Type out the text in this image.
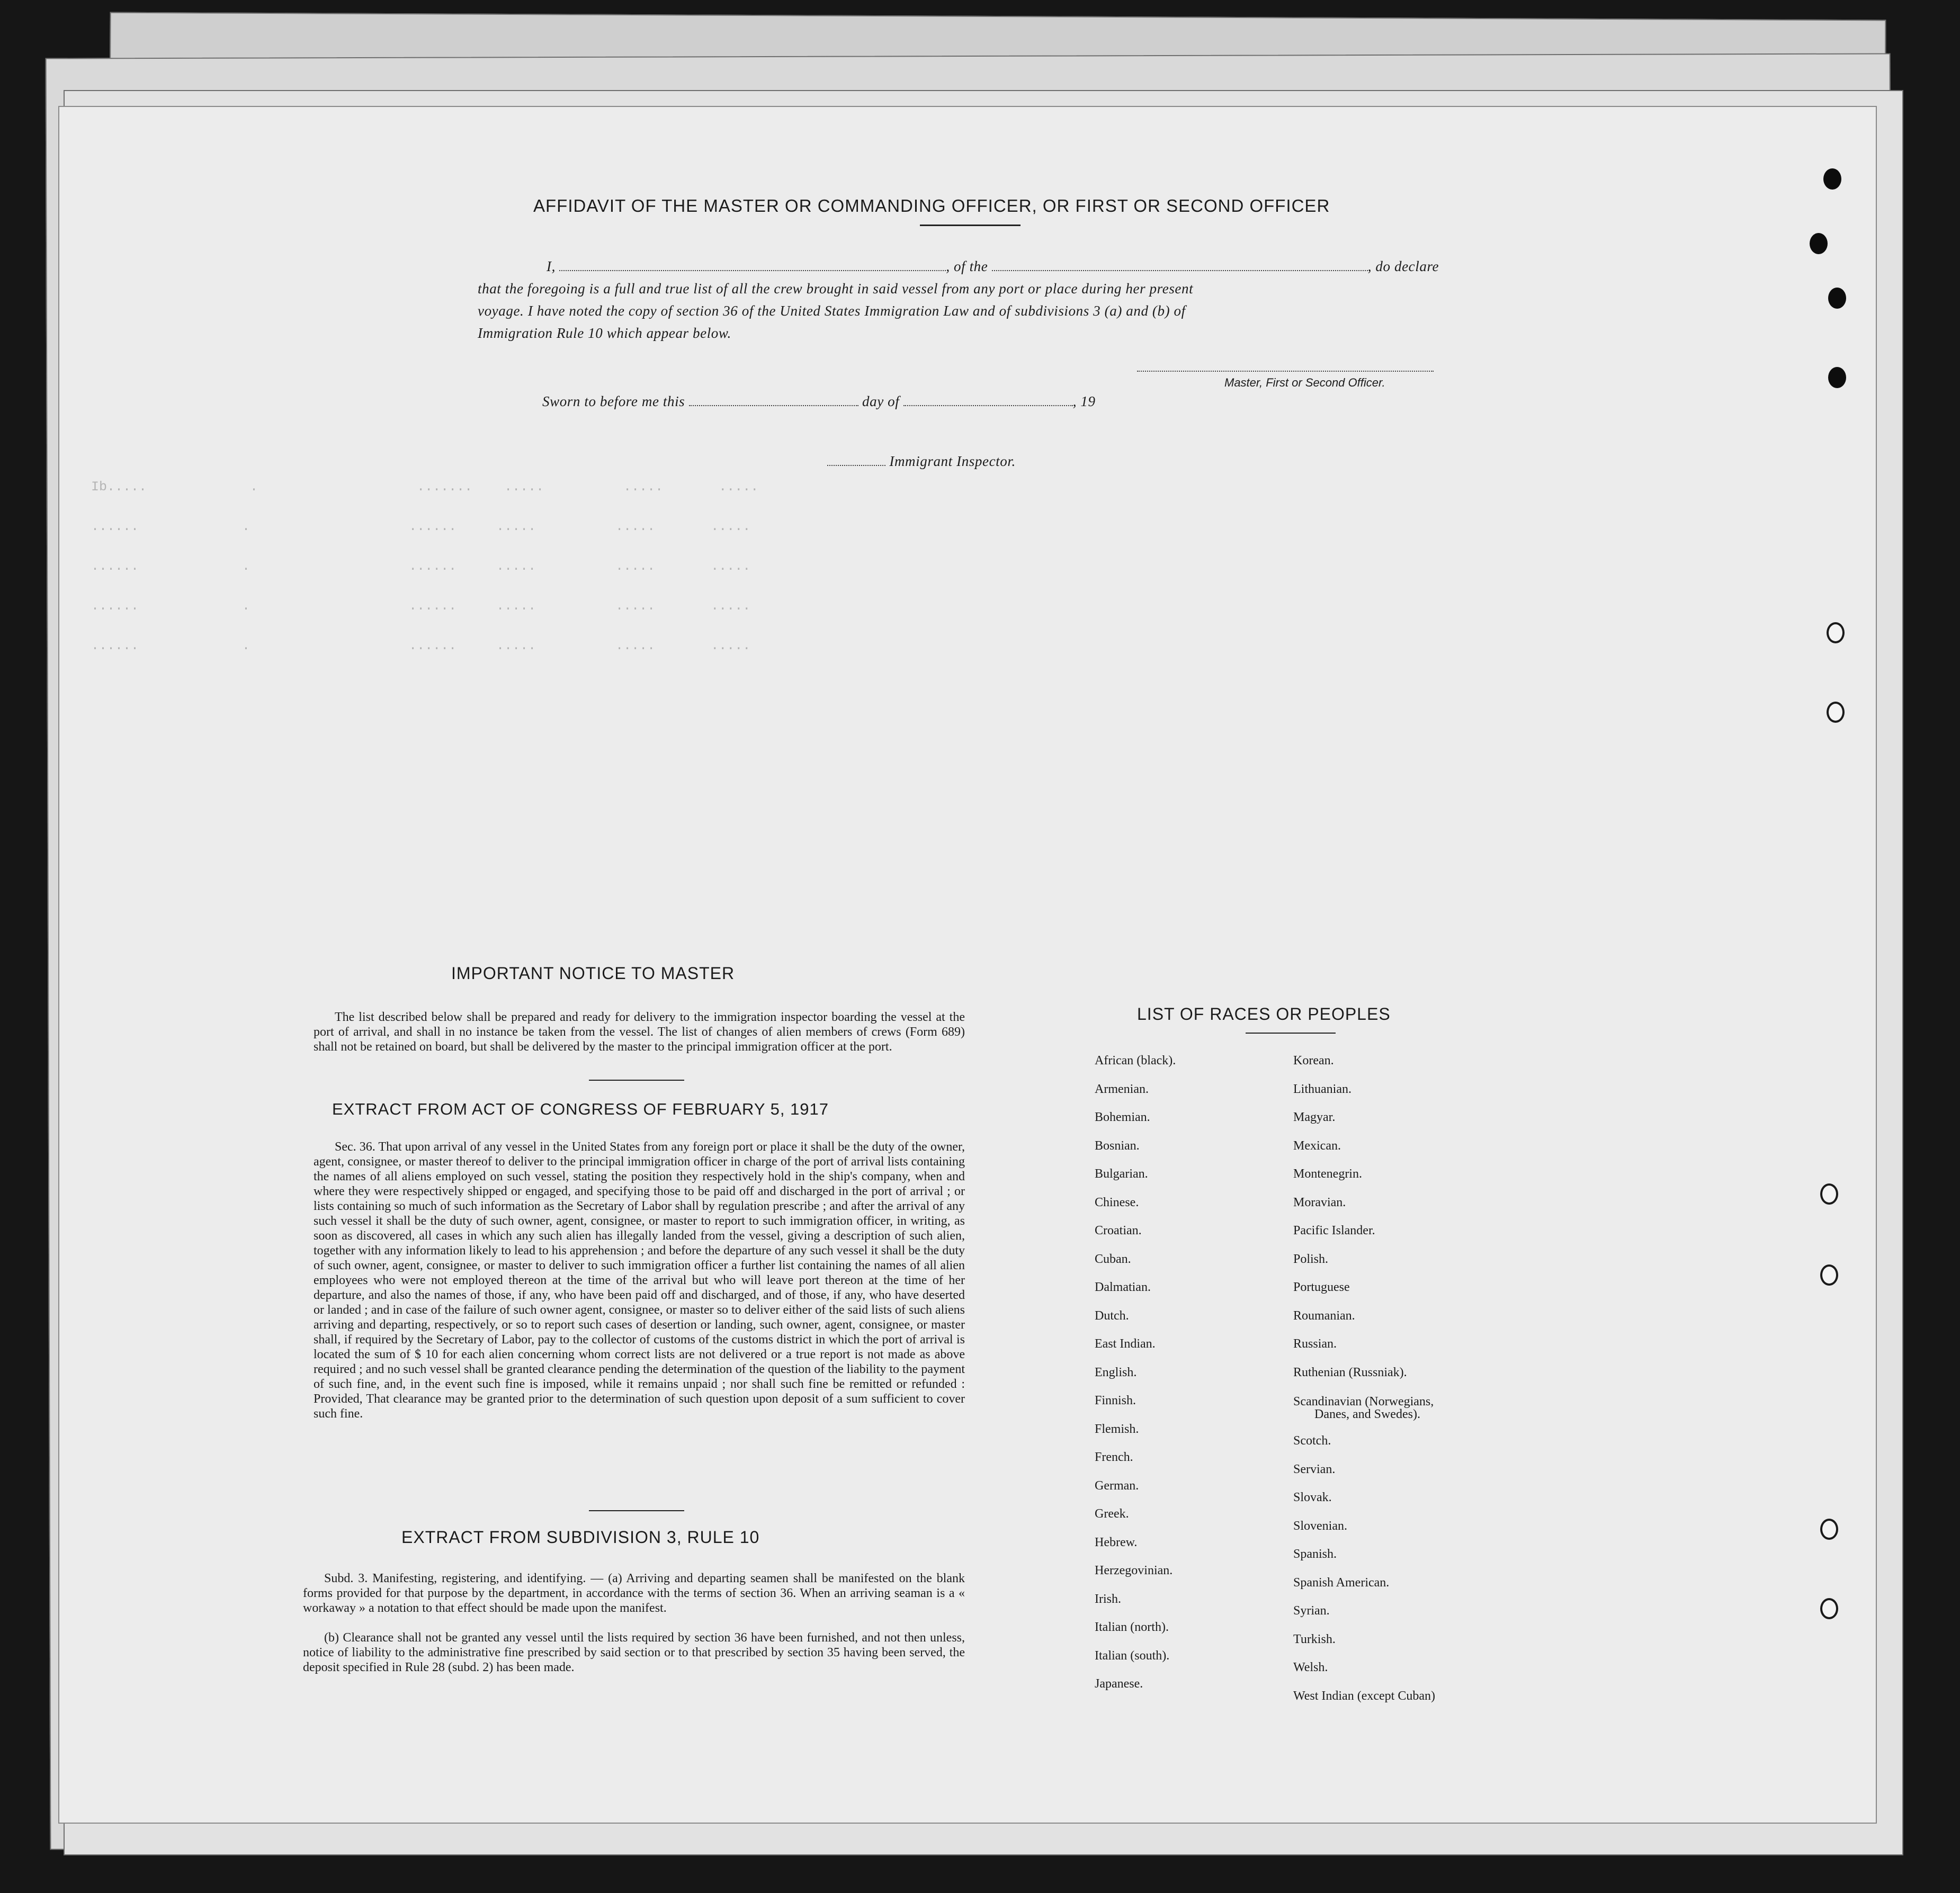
Ib.....             .                    .......    .....          .....       .....
......             .                    ......     .....          .....       .....
......             .                    ......     .....          .....       .....
......             .                    ......     .....          .....       .....
......             .                    ......     .....          .....       .....
AFFIDAVIT OF THE MASTER OR COMMANDING OFFICER, OR FIRST OR SECOND OFFICER
I,	, of the	, do declare
that the foregoing is a full and true list of all the crew brought in said vessel from any port or place during her present
voyage. I have noted the copy of section 36 of the United States Immigration Law and of subdivisions 3 (a) and (b) of
Immigration Rule 10 which appear below.
Master, First or Second Officer.
Sworn to before me this	day of	, 19
Immigrant Inspector.
IMPORTANT NOTICE TO MASTER
The list described below shall be prepared and ready for delivery to the immigration inspector boarding the vessel at the port of arrival, and shall in no instance be taken from the vessel. The list of changes of alien members of crews (Form 689) shall not be retained on board, but shall be delivered by the master to the principal immigration officer at the port.
EXTRACT FROM ACT OF CONGRESS OF FEBRUARY 5, 1917
Sec. 36. That upon arrival of any vessel in the United States from any foreign port or place it shall be the duty of the owner, agent, consignee, or master thereof to deliver to the principal immigration officer in charge of the port of arrival lists containing the names of all aliens employed on such vessel, stating the position they respectively hold in the ship's company, when and where they were respectively shipped or engaged, and specifying those to be paid off and discharged in the port of arrival ; or lists containing so much of such information as the Secretary of Labor shall by regulation prescribe ; and after the arrival of any such vessel it shall be the duty of such owner, agent, consignee, or master to report to such immigration officer, in writing, as soon as discovered, all cases in which any such alien has illegally landed from the vessel, giving a description of such alien, together with any information likely to lead to his apprehension ; and before the departure of any such vessel it shall be the duty of such owner, agent, consignee, or master to deliver to such immigration officer a further list containing the names of all alien employees who were not employed thereon at the time of the arrival but who will leave port thereon at the time of her departure, and also the names of those, if any, who have been paid off and discharged, and of those, if any, who have deserted or landed ; and in case of the failure of such owner agent, consignee, or master so to deliver either of the said lists of such aliens arriving and departing, respectively, or so to report such cases of desertion or landing, such owner, agent, consignee, or master shall, if required by the Secretary of Labor, pay to the collector of customs of the customs district in which the port of arrival is located the sum of $ 10 for each alien concerning whom correct lists are not delivered or a true report is not made as above required ; and no such vessel shall be granted clearance pending the determination of the question of the liability to the payment of such fine, and, in the event such fine is imposed, while it remains unpaid ; nor shall such fine be remitted or refunded : Provided, That clearance may be granted prior to the determination of such question upon deposit of a sum sufficient to cover such fine.
EXTRACT FROM SUBDIVISION 3, RULE 10
Subd. 3. Manifesting, registering, and identifying. — (a) Arriving and departing seamen shall be manifested on the blank forms provided for that purpose by the department, in accordance with the terms of section 36. When an arriving seaman is a « workaway » a notation to that effect should be made upon the manifest.
(b) Clearance shall not be granted any vessel until the lists required by section 36 have been furnished, and not then unless, notice of liability to the administrative fine prescribed by said section or to that prescribed by section 35 having been served, the deposit specified in Rule 28 (subd. 2) has been made.
LIST OF RACES OR PEOPLES
African (black).
Armenian.
Bohemian.
Bosnian.
Bulgarian.
Chinese.
Croatian.
Cuban.
Dalmatian.
Dutch.
East Indian.
English.
Finnish.
Flemish.
French.
German.
Greek.
Hebrew.
Herzegovinian.
Irish.
Italian (north).
Italian (south).
Japanese.
Korean.
Lithuanian.
Magyar.
Mexican.
Montenegrin.
Moravian.
Pacific Islander.
Polish.
Portuguese
Roumanian.
Russian.
Ruthenian (Russniak).
Scandinavian (Norwegians,
Danes, and Swedes).
Scotch.
Servian.
Slovak.
Slovenian.
Spanish.
Spanish American.
Syrian.
Turkish.
Welsh.
West Indian (except Cuban)
